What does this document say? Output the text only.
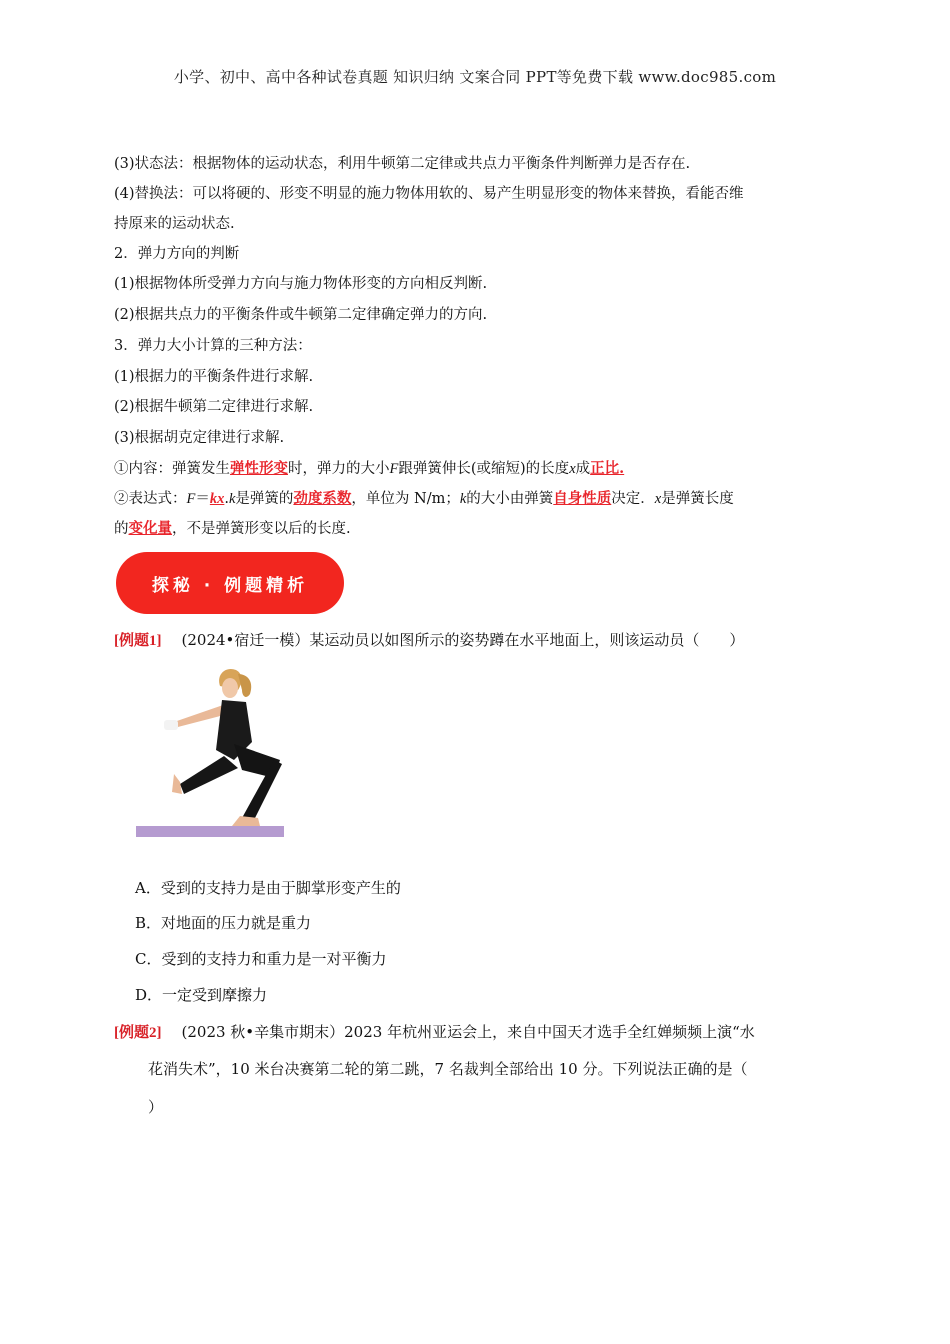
小学、初中、高中各种试卷真题 知识归纳 文案合同 PPT等免费下载 www.doc985.com
(3)状态法：根据物体的运动状态，利用牛顿第二定律或共点力平衡条件判断弹力是否存在.
(4)替换法：可以将硬的、形变不明显的施力物体用软的、易产生明显形变的物体来替换，看能否维
持原来的运动状态.
2．弹力方向的判断
(1)根据物体所受弹力方向与施力物体形变的方向相反判断.
(2)根据共点力的平衡条件或牛顿第二定律确定弹力的方向.
3．弹力大小计算的三种方法：
(1)根据力的平衡条件进行求解.
(2)根据牛顿第二定律进行求解.
(3)根据胡克定律进行求解.
①内容：弹簧发生弹性形变时，弹力的大小F跟弹簧伸长(或缩短)的长度x成正比.
②表达式：F＝kx.k是弹簧的劲度系数，单位为 N/m；k的大小由弹簧自身性质决定．x是弹簧长度
的变化量，不是弹簧形变以后的长度.
探秘 · 例题精析
[例题1] (2024•宿迁一模）某运动员以如图所示的姿势蹲在水平地面上，则该运动员（　　）
A．受到的支持力是由于脚掌形变产生的
B．对地面的压力就是重力
C．受到的支持力和重力是一对平衡力
D．一定受到摩擦力
[例题2] (2023 秋•辛集市期末）2023 年杭州亚运会上，来自中国天才选手全红婵频频上演“水
花消失术”，10 米台决赛第二轮的第二跳，7 名裁判全部给出 10 分。下列说法正确的是（
）
